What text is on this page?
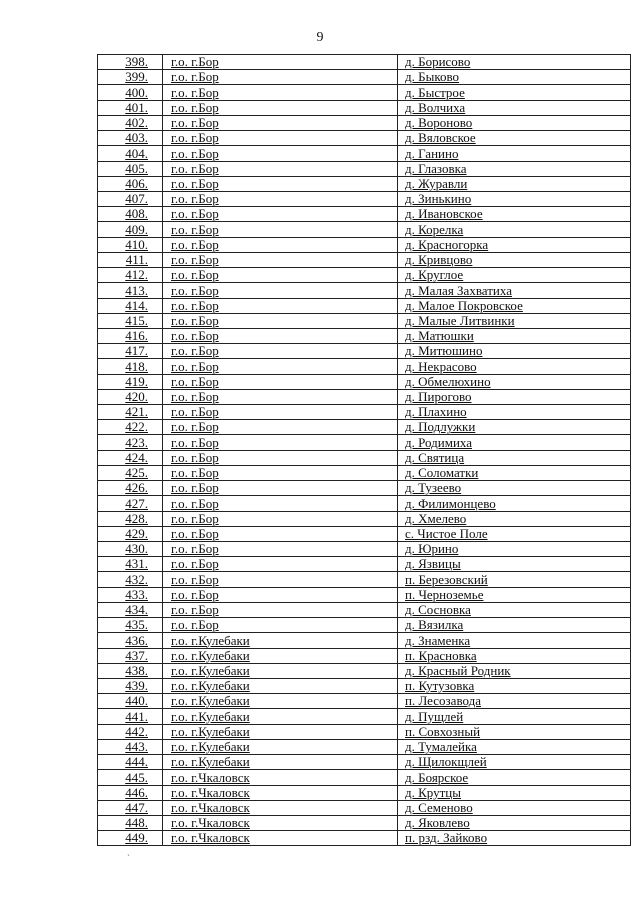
9
398.	г.о. г.Бор	д. Борисово
399.	г.о. г.Бор	д. Быково
400.	г.о. г.Бор	д. Быстрое
401.	г.о. г.Бор	д. Волчиха
402.	г.о. г.Бор	д. Вороново
403.	г.о. г.Бор	д. Вяловское
404.	г.о. г.Бор	д. Ганино
405.	г.о. г.Бор	д. Глазовка
406.	г.о. г.Бор	д. Журавли
407.	г.о. г.Бор	д. Зинькино
408.	г.о. г.Бор	д. Ивановское
409.	г.о. г.Бор	д. Корелка
410.	г.о. г.Бор	д. Красногорка
411.	г.о. г.Бор	д. Кривцово
412.	г.о. г.Бор	д. Круглое
413.	г.о. г.Бор	д. Малая Захватиха
414.	г.о. г.Бор	д. Малое Покровское
415.	г.о. г.Бор	д. Малые Литвинки
416.	г.о. г.Бор	д. Матюшки
417.	г.о. г.Бор	д. Митюшино
418.	г.о. г.Бор	д. Некрасово
419.	г.о. г.Бор	д. Обмелюхино
420.	г.о. г.Бор	д. Пирогово
421.	г.о. г.Бор	д. Плахино
422.	г.о. г.Бор	д. Подлужки
423.	г.о. г.Бор	д. Родимиха
424.	г.о. г.Бор	д. Святица
425.	г.о. г.Бор	д. Соломатки
426.	г.о. г.Бор	д. Тузеево
427.	г.о. г.Бор	д. Филимонцево
428.	г.о. г.Бор	д. Хмелево
429.	г.о. г.Бор	с. Чистое Поле
430.	г.о. г.Бор	д. Юрино
431.	г.о. г.Бор	д. Язвицы
432.	г.о. г.Бор	п. Березовский
433.	г.о. г.Бор	п. Черноземье
434.	г.о. г.Бор	д. Сосновка
435.	г.о. г.Бор	д. Вязилка
436.	г.о. г.Кулебаки	д. Знаменка
437.	г.о. г.Кулебаки	п. Красновка
438.	г.о. г.Кулебаки	д. Красный Родник
439.	г.о. г.Кулебаки	п. Кутузовка
440.	г.о. г.Кулебаки	п. Лесозавода
441.	г.о. г.Кулебаки	д. Пущлей
442.	г.о. г.Кулебаки	п. Совхозный
443.	г.о. г.Кулебаки	д. Тумалейка
444.	г.о. г.Кулебаки	д. Щилокщлей
445.	г.о. г.Чкаловск	д. Боярское
446.	г.о. г.Чкаловск	д. Крутцы
447.	г.о. г.Чкаловск	д. Семеново
448.	г.о. г.Чкаловск	д. Яковлево
449.	г.о. г.Чкаловск	п. рзд. Зайково
`
